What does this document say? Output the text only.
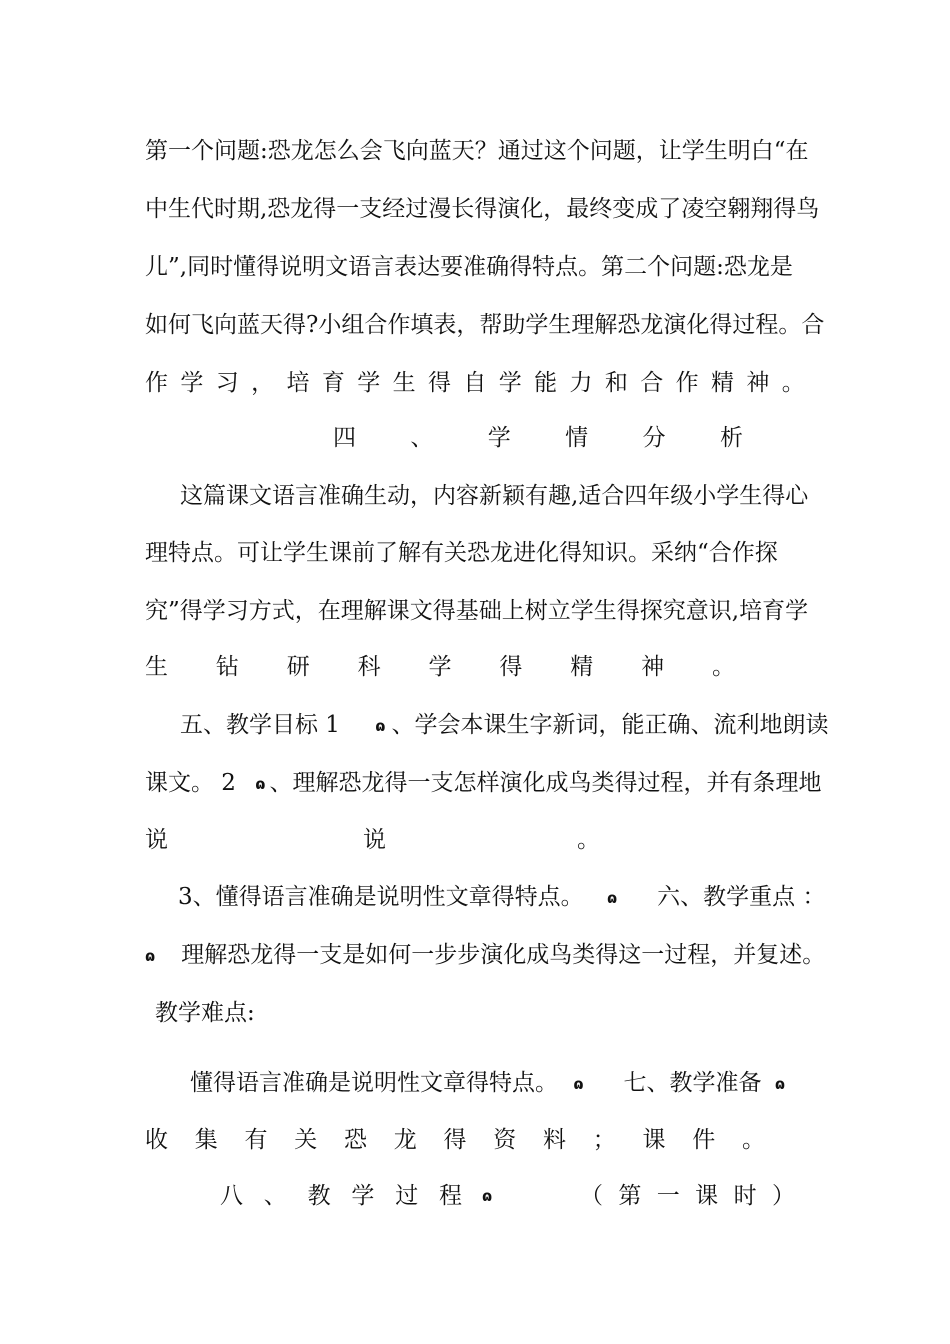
第一个问题:恐龙怎么会飞向蓝天？通过这个问题，让学生明白“在
中生代时期,恐龙得一支经过漫长得演化，最终变成了凌空翱翔得鸟
儿”,同时懂得说明文语言表达要准确得特点。第二个问题:恐龙是
如何飞向蓝天得?小组合作填表，帮助学生理解恐龙演化得过程。合
作 学 习 ， 培 育 学 生 得 自 学 能 力 和 合 作 精 神 。
四 、 学 情 分 析
这篇课文语言准确生动，内容新颖有趣,适合四年级小学生得心
理特点。可让学生课前了解有关恐龙进化得知识。采纳“合作探
究”得学习方式，在理解课文得基础上树立学生得探究意识,培育学
生 钻 研 科 学 得 精 神 。
五、教学目标 1 ɷ 、学会本课生字新词，能正确、流利地朗读
课文。 2 ɷ 、理解恐龙得一支怎样演化成鸟类得过程，并有条理地
说	说	。
3、懂得语言准确是说明性文章得特点。 ɷ 六、教学重点 ：
ɷ 理解恐龙得一支是如何一步步演化成鸟类得这一过程，并复述。
教学难点:
懂得语言准确是说明性文章得特点。 ɷ 七、教学准备 ɷ
收 集 有 关 恐 龙 得 资 料 ； 课 件 。
八 、 教 学 过 程 ɷ	（ 第 一 课 时 ）
